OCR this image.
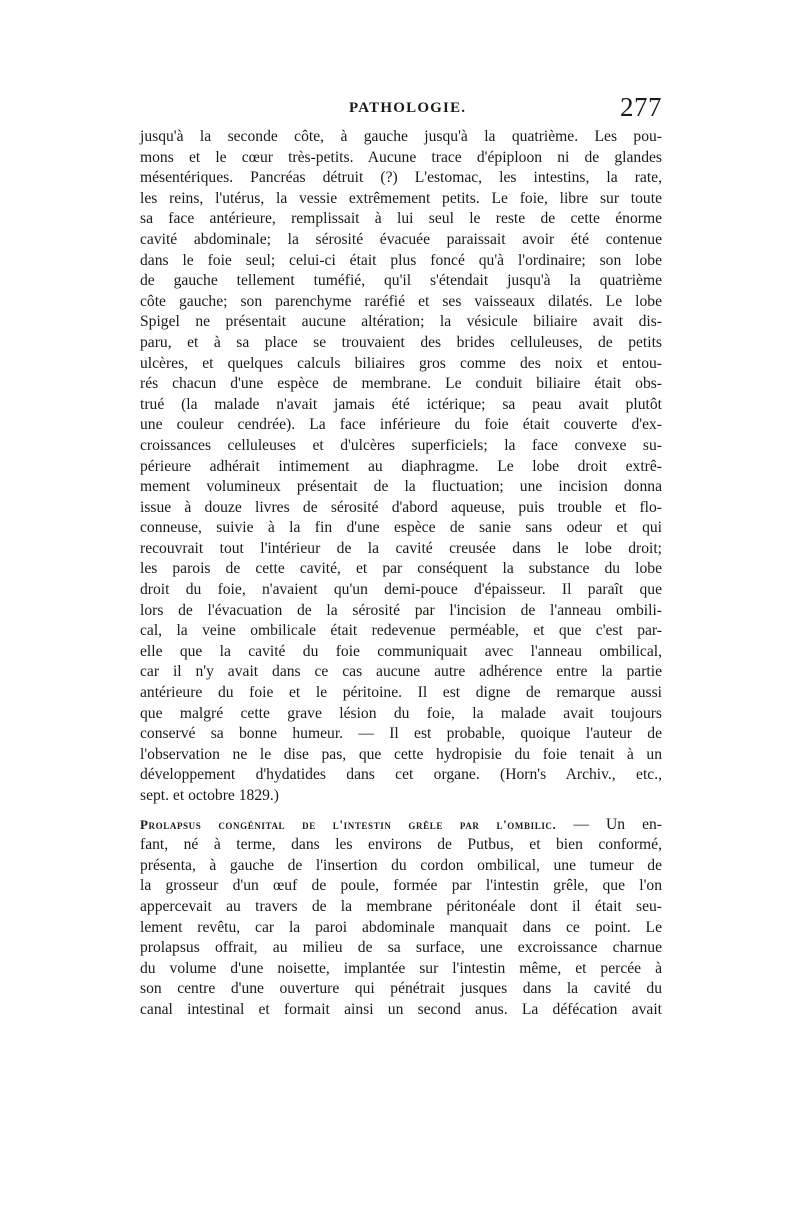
PATHOLOGIE.	277
jusqu'à la seconde côte, à gauche jusqu'à la quatrième. Les pou-
mons et le cœur très-petits. Aucune trace d'épiploon ni de glandes
mésentériques. Pancréas détruit (?) L'estomac, les intestins, la rate,
les reins, l'utérus, la vessie extrêmement petits. Le foie, libre sur toute
sa face antérieure, remplissait à lui seul le reste de cette énorme
cavité abdominale; la sérosité évacuée paraissait avoir été contenue
dans le foie seul; celui-ci était plus foncé qu'à l'ordinaire; son lobe
de gauche tellement tuméfié, qu'il s'étendait jusqu'à la quatrième
côte gauche; son parenchyme raréfié et ses vaisseaux dilatés. Le lobe
Spigel ne présentait aucune altération; la vésicule biliaire avait dis-
paru, et à sa place se trouvaient des brides celluleuses, de petits
ulcères, et quelques calculs biliaires gros comme des noix et entou-
rés chacun d'une espèce de membrane. Le conduit biliaire était obs-
trué (la malade n'avait jamais été ictérique; sa peau avait plutôt
une couleur cendrée). La face inférieure du foie était couverte d'ex-
croissances celluleuses et d'ulcères superficiels; la face convexe su-
périeure adhérait intimement au diaphragme. Le lobe droit extrê-
mement volumineux présentait de la fluctuation; une incision donna
issue à douze livres de sérosité d'abord aqueuse, puis trouble et flo-
conneuse, suivie à la fin d'une espèce de sanie sans odeur et qui
recouvrait tout l'intérieur de la cavité creusée dans le lobe droit;
les parois de cette cavité, et par conséquent la substance du lobe
droit du foie, n'avaient qu'un demi-pouce d'épaisseur. Il paraît que
lors de l'évacuation de la sérosité par l'incision de l'anneau ombili-
cal, la veine ombilicale était redevenue perméable, et que c'est par-
elle que la cavité du foie communiquait avec l'anneau ombilical,
car il n'y avait dans ce cas aucune autre adhérence entre la partie
antérieure du foie et le péritoine. Il est digne de remarque aussi
que malgré cette grave lésion du foie, la malade avait toujours
conservé sa bonne humeur. — Il est probable, quoique l'auteur de
l'observation ne le dise pas, que cette hydropisie du foie tenait à un
développement d'hydatides dans cet organe. (Horn's Archiv., etc.,
sept. et octobre 1829.)
Prolapsus congénital de l'intestin grêle par l'ombilic. — Un en-
fant, né à terme, dans les environs de Putbus, et bien conformé,
présenta, à gauche de l'insertion du cordon ombilical, une tumeur de
la grosseur d'un œuf de poule, formée par l'intestin grêle, que l'on
appercevait au travers de la membrane péritonéale dont il était seu-
lement revêtu, car la paroi abdominale manquait dans ce point. Le
prolapsus offrait, au milieu de sa surface, une excroissance charnue
du volume d'une noisette, implantée sur l'intestin même, et percée à
son centre d'une ouverture qui pénétrait jusques dans la cavité du
canal intestinal et formait ainsi un second anus. La défécation avait
